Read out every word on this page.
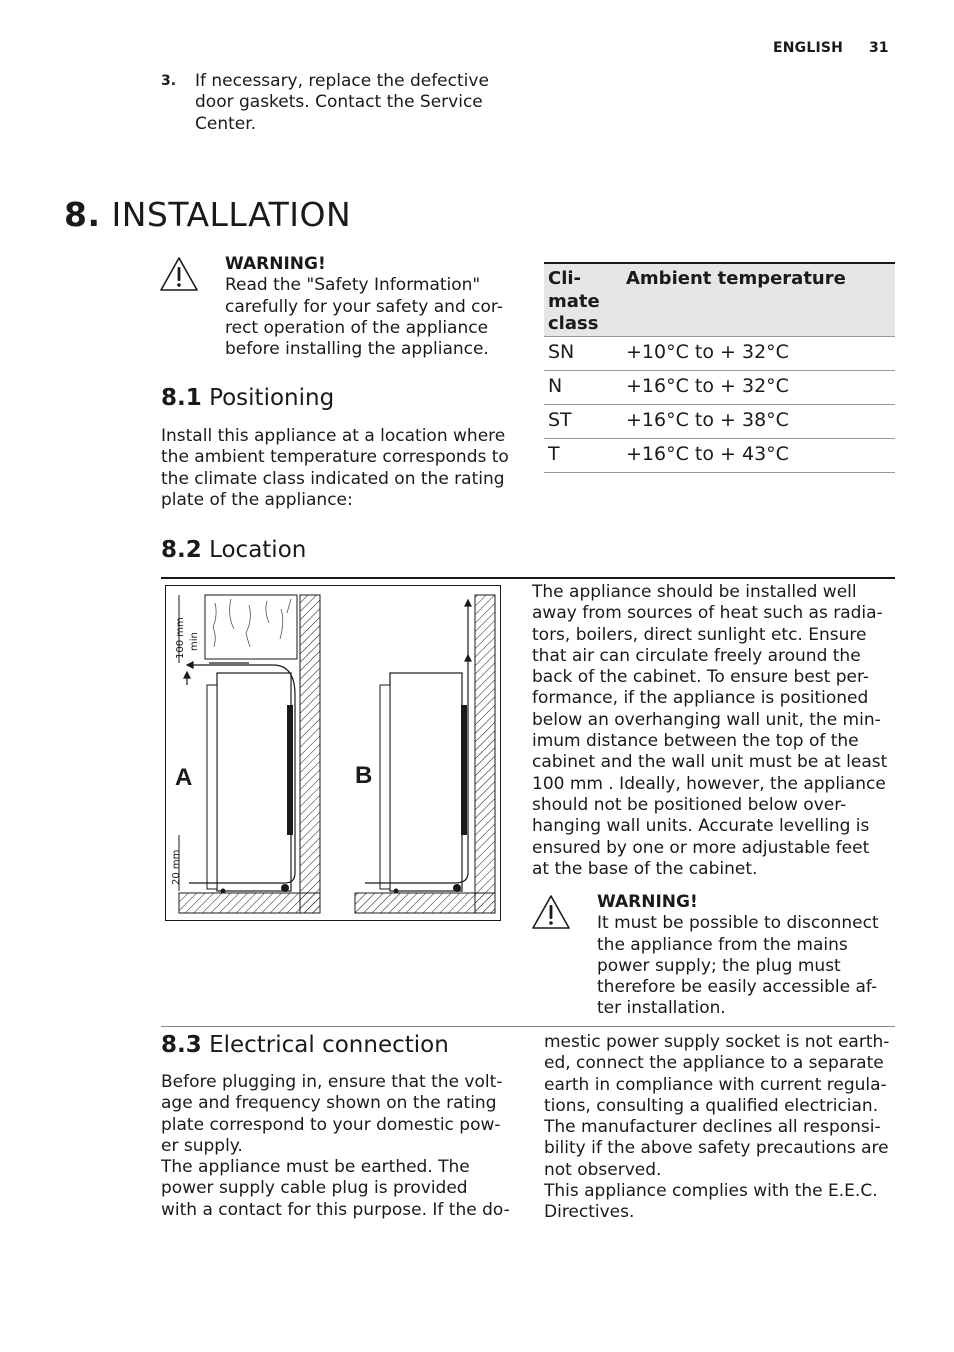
ENGLISH 31
3. If necessary, replace the defective

door gaskets. Contact the Service

Center.

8. INSTALLATION

WARNING!

Read the "Safety Information"

carefully for your safety and cor-

rect operation of the appliance

before installing the appliance.

8.1 Positioning

Install this appliance at a location where

the ambient temperature corresponds to

the climate class indicated on the rating

plate of the appliance:

Cli-
mate
class	Ambient temperature
SN	+10°C to + 32°C
N	+16°C to + 32°C
ST	+16°C to + 38°C
T	+16°C to + 43°C
8.2 Location
100 mm min
20 mm
A	B

The appliance should be installed well

away from sources of heat such as radia-

tors, boilers, direct sunlight etc. Ensure

that air can circulate freely around the

back of the cabinet. To ensure best per-

formance, if the appliance is positioned

below an overhanging wall unit, the min-

imum distance between the top of the

cabinet and the wall unit must be at least

100 mm . Ideally, however, the appliance

should not be positioned below over-

hanging wall units. Accurate levelling is

ensured by one or more adjustable feet

at the base of the cabinet.

WARNING!

It must be possible to disconnect

the appliance from the mains

power supply; the plug must

therefore be easily accessible af-

ter installation.

8.3 Electrical connection

Before plugging in, ensure that the volt-

age and frequency shown on the rating

plate correspond to your domestic pow-

er supply.

The appliance must be earthed. The

power supply cable plug is provided

with a contact for this purpose. If the do-

mestic power supply socket is not earth-

ed, connect the appliance to a separate

earth in compliance with current regula-

tions, consulting a qualified electrician.

The manufacturer declines all responsi-

bility if the above safety precautions are

not observed.

This appliance complies with the E.E.C.

Directives.
